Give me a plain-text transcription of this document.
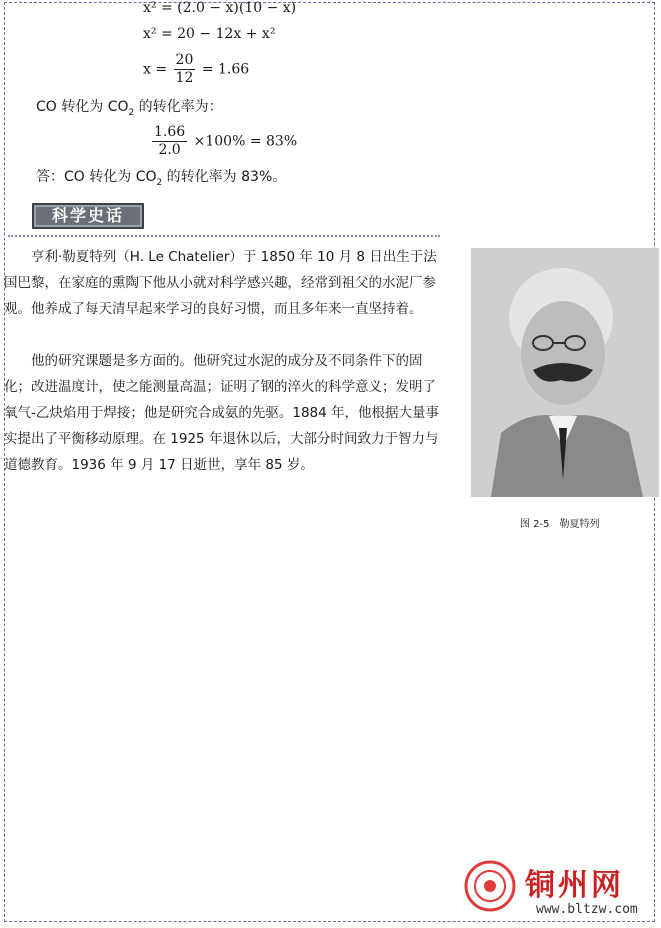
x² = (2.0 − x)(10 − x)
x² = 20 − 12x + x²
$x = \frac{20}{12} = 1.66$
CO 转化为 $CO_2$ 的转化率为：
$\frac{1.66}{2.0} \times 100\% = 83\%$
答：CO 转化为 $CO_2$ 的转化率为 83%。
科学史话
亨利·勒夏特列（H. Le Chatelier）于 1850 年 10 月 8 日出生于法国巴黎，在家庭的熏陶下他从小就对科学感兴趣，经常到祖父的水泥厂参观。他养成了每天清早起来学习的良好习惯，而且多年来一直坚持着。
他的研究课题是多方面的。他研究过水泥的成分及不同条件下的固化；改进温度计，使之能测量高温；证明了钢的淬火的科学意义；发明了氧气-乙炔焰用于焊接；他是研究合成氨的先驱。1884 年，他根据大量事实提出了平衡移动原理。在 1925 年退休以后，大部分时间致力于智力与道德教育。1936 年 9 月 17 日逝世，享年 85 岁。
图 2-5　勒夏特列
铜州网
www.bltzw.com
